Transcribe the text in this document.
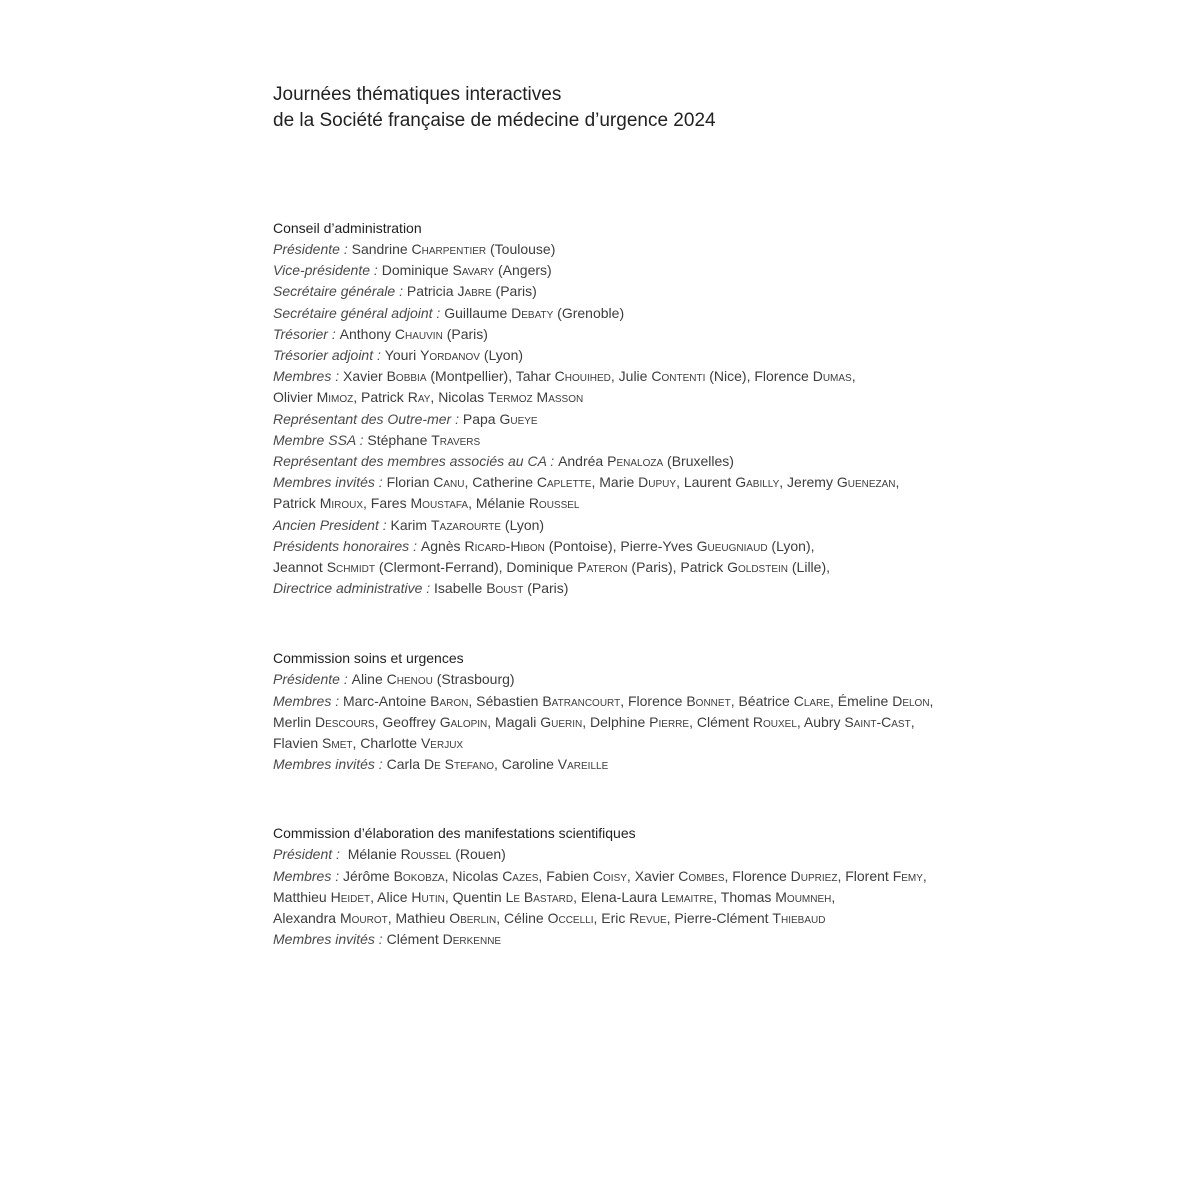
Journées thématiques interactives
de la Société française de médecine d’urgence 2024
Conseil d’administration

Présidente : Sandrine Charpentier (Toulouse)

Vice-présidente : Dominique Savary (Angers)

Secrétaire générale : Patricia Jabre (Paris)

Secrétaire général adjoint : Guillaume Debaty (Grenoble)

Trésorier : Anthony Chauvin (Paris)

Trésorier adjoint : Youri Yordanov (Lyon)

Membres : Xavier Bobbia (Montpellier), Tahar Chouihed, Julie Contenti (Nice), Florence Dumas,

Olivier Mimoz, Patrick Ray, Nicolas Termoz Masson

Représentant des Outre-mer : Papa Gueye

Membre SSA : Stéphane Travers

Représentant des membres associés au CA : Andréa Penaloza (Bruxelles)

Membres invités : Florian Canu, Catherine Caplette, Marie Dupuy, Laurent Gabilly, Jeremy Guenezan,

Patrick Miroux, Fares Moustafa, Mélanie Roussel

Ancien President : Karim Tazarourte (Lyon)

Présidents honoraires : Agnès Ricard-Hibon (Pontoise), Pierre-Yves Gueugniaud (Lyon),

Jeannot Schmidt (Clermont-Ferrand), Dominique Pateron (Paris), Patrick Goldstein (Lille),

Directrice administrative : Isabelle Boust (Paris)

Commission soins et urgences

Présidente : Aline Chenou (Strasbourg)

Membres : Marc-Antoine Baron, Sébastien Batrancourt, Florence Bonnet, Béatrice Clare, Émeline Delon,

Merlin Descours, Geoffrey Galopin, Magali Guerin, Delphine Pierre, Clément Rouxel, Aubry Saint-Cast,

Flavien Smet, Charlotte Verjux

Membres invités : Carla De Stefano, Caroline Vareille

Commission d’élaboration des manifestations scientifiques

Président :  Mélanie Roussel (Rouen)

Membres : Jérôme Bokobza, Nicolas Cazes, Fabien Coisy, Xavier Combes, Florence Dupriez, Florent Femy,

Matthieu Heidet, Alice Hutin, Quentin Le Bastard, Elena-Laura Lemaitre, Thomas Moumneh,

Alexandra Mourot, Mathieu Oberlin, Céline Occelli, Eric Revue, Pierre-Clément Thiebaud

Membres invités : Clément Derkenne
